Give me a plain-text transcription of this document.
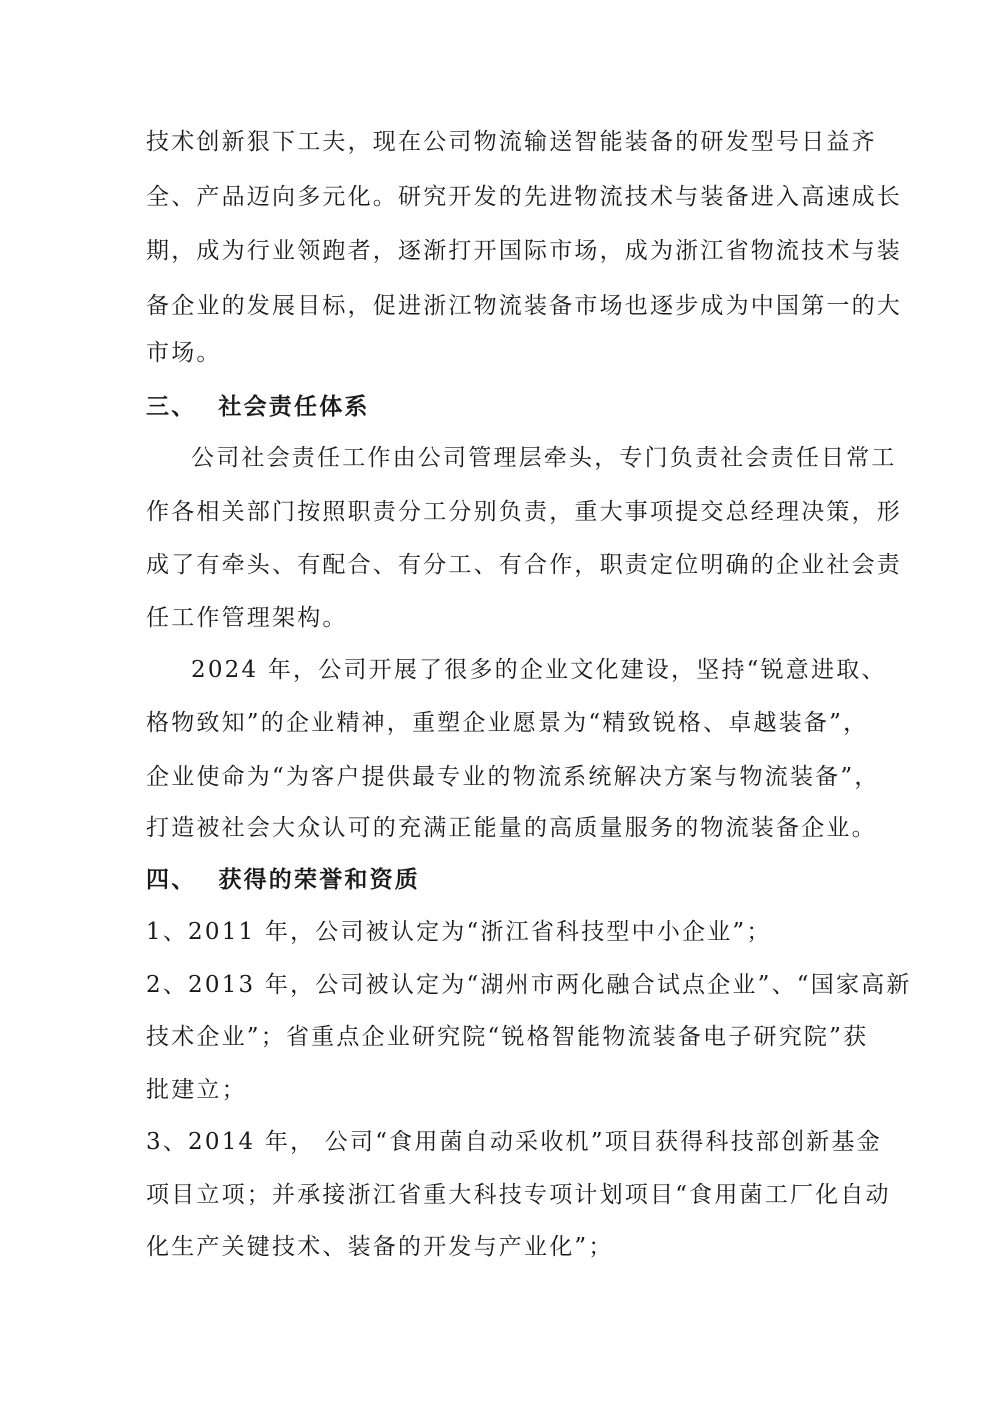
技术创新狠下工夫，现在公司物流输送智能装备的研发型号日益齐
全、产品迈向多元化。研究开发的先进物流技术与装备进入高速成长
期，成为行业领跑者，逐渐打开国际市场，成为浙江省物流技术与装
备企业的发展目标，促进浙江物流装备市场也逐步成为中国第一的大
市场。
三、 社会责任体系
公司社会责任工作由公司管理层牵头，专门负责社会责任日常工
作各相关部门按照职责分工分别负责，重大事项提交总经理决策，形
成了有牵头、有配合、有分工、有合作，职责定位明确的企业社会责
任工作管理架构。
2024 年，公司开展了很多的企业文化建设，坚持“锐意进取、
格物致知”的企业精神，重塑企业愿景为“精致锐格、卓越装备”，
企业使命为“为客户提供最专业的物流系统解决方案与物流装备”，
打造被社会大众认可的充满正能量的高质量服务的物流装备企业。
四、 获得的荣誉和资质
1、2011 年，公司被认定为“浙江省科技型中小企业”；
2、2013 年，公司被认定为“湖州市两化融合试点企业”、“国家高新
技术企业”；省重点企业研究院“锐格智能物流装备电子研究院”获
批建立；
3、2014 年， 公司“食用菌自动采收机”项目获得科技部创新基金
项目立项；并承接浙江省重大科技专项计划项目“食用菌工厂化自动
化生产关键技术、装备的开发与产业化”；
